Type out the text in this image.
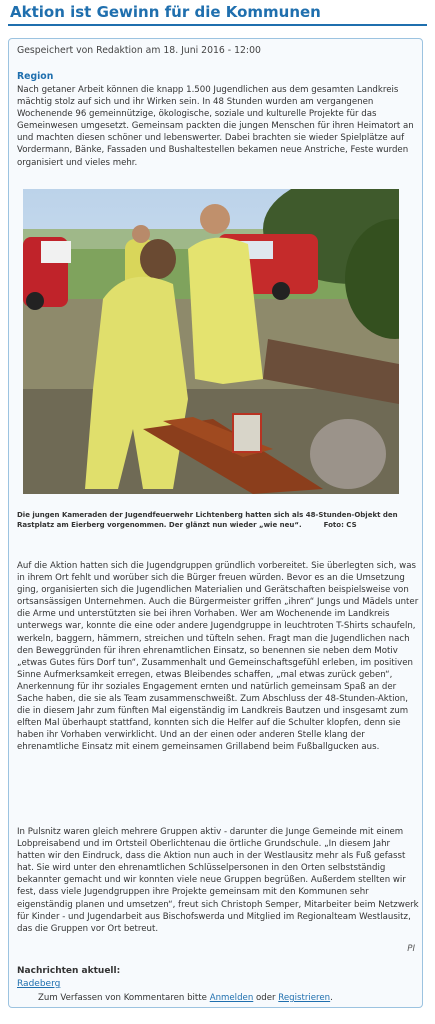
Aktion ist Gewinn für die Kommunen
Gespeichert von Redaktion am 18. Juni 2016 - 12:00
Region

Nach getaner Arbeit können die knapp 1.500 Jugendlichen aus dem gesamten Landkreis mächtig stolz auf sich und ihr Wirken sein. In 48 Stunden wurden am vergangenen Wochenende 96 gemeinnützige, ökologische, soziale und kulturelle Projekte für das Gemeinwesen umgesetzt. Gemeinsam packten die jungen Menschen für ihren Heimatort an und machten diesen schöner und lebenswerter. Dabei brachten sie wieder Spielplätze auf Vordermann, Bänke, Fassaden und Bushaltestellen bekamen neue Anstriche, Feste wurden organisiert und vieles mehr.

Die jungen Kameraden der Jugendfeuerwehr Lichtenberg hatten sich als 48-Stunden-Objekt den Rastplatz am Eierberg vorgenommen. Der glänzt nun wieder „wie neu“.	Foto: CS

Auf die Aktion hatten sich die Jugendgruppen gründlich vorbereitet. Sie überlegten sich, was in ihrem Ort fehlt und worüber sich die Bürger freuen würden. Bevor es an die Umsetzung ging, organisierten sich die Jugendlichen Materialien und Gerätschaften beispielsweise von ortsansässigen Unternehmen. Auch die Bürgermeister griffen „ihren“ Jungs und Mädels unter die Arme und unterstützten sie bei ihren Vorhaben. Wer am Wochenende im Landkreis unterwegs war, konnte die eine oder andere Jugendgruppe in leuchtroten T-Shirts schaufeln, werkeln, baggern, hämmern, streichen und tüfteln sehen. Fragt man die Jugendlichen nach den Beweggründen für ihren ehrenamtlichen Einsatz, so benennen sie neben dem Motiv „etwas Gutes fürs Dorf tun“, Zusammenhalt und Gemeinschaftsgefühl erleben, im positiven Sinne Aufmerksamkeit erregen, etwas Bleibendes schaffen, „mal etwas zurück geben“, Anerkennung für ihr soziales Engagement ernten und natürlich gemeinsam Spaß an der Sache haben, die sie als Team zusammenschweißt. Zum Abschluss der 48-Stunden-Aktion, die in diesem Jahr zum fünften Mal eigenständig im Landkreis Bautzen und insgesamt zum elften Mal überhaupt stattfand, konnten sich die Helfer auf die Schulter klopfen, denn sie haben ihr Vorhaben verwirklicht. Und an der einen oder anderen Stelle klang der ehrenamtliche Einsatz mit einem gemeinsamen Grillabend beim Fußballgucken aus.

In Pulsnitz waren gleich mehrere Gruppen aktiv - darunter die Junge Gemeinde mit einem Lobpreisabend und im Ortsteil Oberlichtenau die örtliche Grundschule. „In diesem Jahr hatten wir den Eindruck, dass die Aktion nun auch in der Westlausitz mehr als Fuß gefasst hat. Sie wird unter den ehrenamtlichen Schlüsselpersonen in den Orten selbstständig bekannter gemacht und wir konnten viele neue Gruppen begrüßen. Außerdem stellten wir fest, dass viele Jugendgruppen ihre Projekte gemeinsam mit den Kommunen sehr eigenständig planen und umsetzen“, freut sich Christoph Semper, Mitarbeiter beim Netzwerk für Kinder - und Jugendarbeit aus Bischofswerda und Mitglied im Regionalteam Westlausitz, das die Gruppen vor Ort betreut.

PI
Nachrichten aktuell:
Radeberg
Zum Verfassen von Kommentaren bitte Anmelden oder Registrieren.
